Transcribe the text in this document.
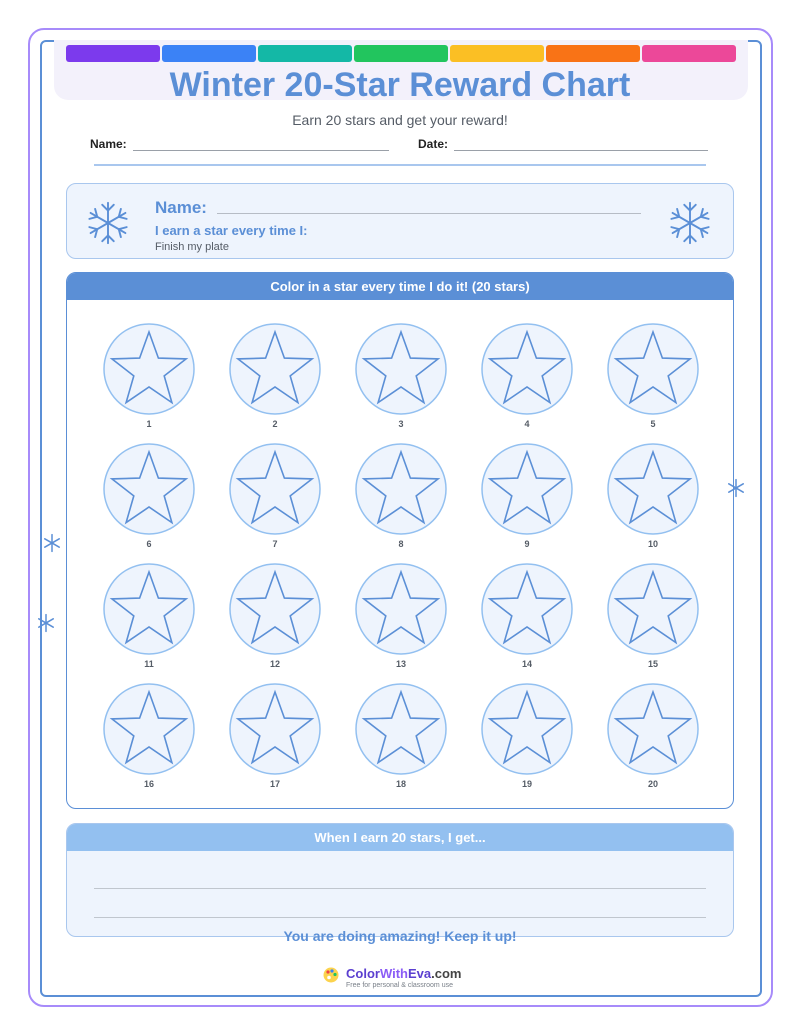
Winter 20-Star Reward Chart
Earn 20 stars and get your reward!
Name:	Date:
Name:
I earn a star every time I:
Finish my plate
Color in a star every time I do it! (20 stars)
1	2	3	4	5
6	7	8	9	10
11	12	13	14	15
16	17	18	19	20
When I earn 20 stars, I get...
You are doing amazing! Keep it up!
ColorWithEva.com
Free for personal & classroom use
